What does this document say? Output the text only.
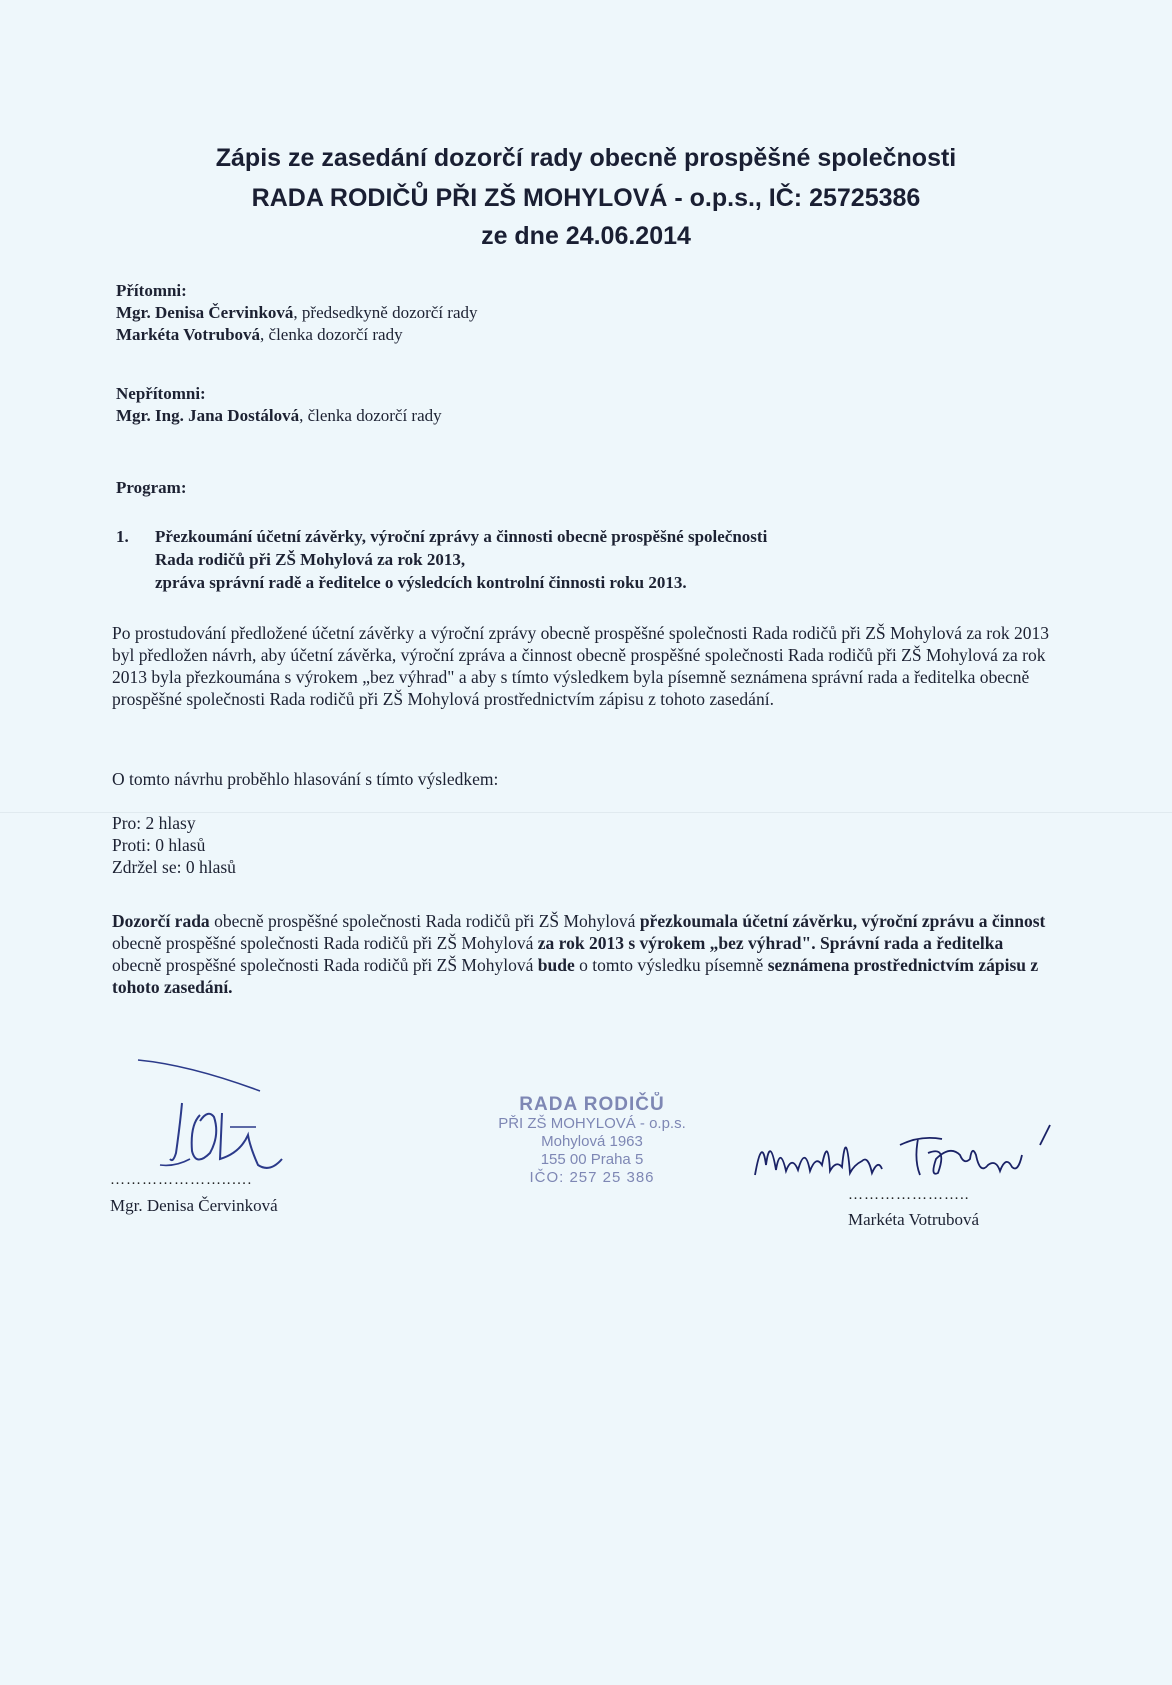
Zápis ze zasedání dozorčí rady obecně prospěšné společnosti
RADA RODIČŮ PŘI ZŠ MOHYLOVÁ - o.p.s., IČ: 25725386
ze dne 24.06.2014
Přítomni:
Mgr. Denisa Červinková, předsedkyně dozorčí rady
Markéta Votrubová, členka dozorčí rady
Nepřítomni:
Mgr. Ing. Jana Dostálová, členka dozorčí rady
Program:
1. Přezkoumání účetní závěrky, výroční zprávy a činnosti obecně prospěšné společnosti
Rada rodičů při ZŠ Mohylová za rok 2013,
zpráva správní radě a ředitelce o výsledcích kontrolní činnosti roku 2013.
Po prostudování předložené účetní závěrky a výroční zprávy obecně prospěšné společnosti Rada rodičů při ZŠ Mohylová za rok 2013 byl předložen návrh, aby účetní závěrka, výroční zpráva a činnost obecně prospěšné společnosti Rada rodičů při ZŠ Mohylová za rok 2013 byla přezkoumána s výrokem „bez výhrad" a aby s tímto výsledkem byla písemně seznámena správní rada a ředitelka obecně prospěšné společnosti Rada rodičů při ZŠ Mohylová prostřednictvím zápisu z tohoto zasedání.
O tomto návrhu proběhlo hlasování s tímto výsledkem:
Pro: 2 hlasy
Proti: 0 hlasů
Zdržel se: 0 hlasů
Dozorčí rada obecně prospěšné společnosti Rada rodičů při ZŠ Mohylová přezkoumala účetní závěrku, výroční zprávu a činnost obecně prospěšné společnosti Rada rodičů při ZŠ Mohylová za rok 2013 s výrokem „bez výhrad". Správní rada a ředitelka obecně prospěšné společnosti Rada rodičů při ZŠ Mohylová bude o tomto výsledku písemně seznámena prostřednictvím zápisu z tohoto zasedání.
…………………..….
Mgr. Denisa Červinková
RADA RODIČŮ
PŘI ZŠ MOHYLOVÁ - o.p.s.
Mohylová 1963
155 00 Praha 5
IČO: 257 25 386
…………………..
Markéta Votrubová
